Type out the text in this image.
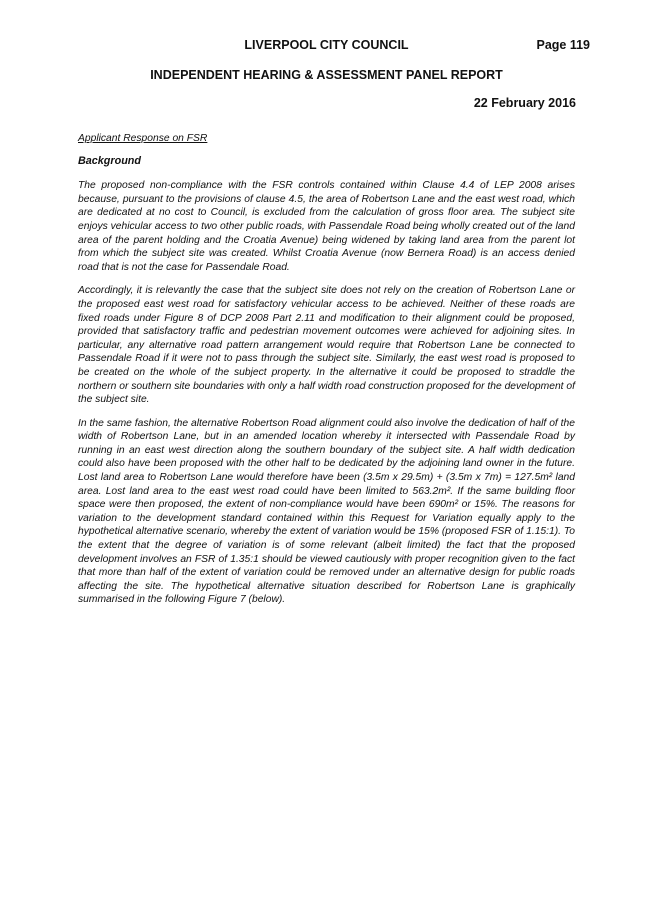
LIVERPOOL CITY COUNCIL	Page 119
INDEPENDENT HEARING & ASSESSMENT PANEL REPORT
22 February 2016

Applicant Response on FSR

Background

The proposed non-compliance with the FSR controls contained within Clause 4.4 of LEP 2008 arises because, pursuant to the provisions of clause 4.5, the area of Robertson Lane and the east west road, which are dedicated at no cost to Council, is excluded from the calculation of gross floor area. The subject site enjoys vehicular access to two other public roads, with Passendale Road being wholly created out of the land area of the parent holding and the Croatia Avenue) being widened by taking land area from the parent lot from which the subject site was created. Whilst Croatia Avenue (now Bernera Road) is an access denied road that is not the case for Passendale Road.

Accordingly, it is relevantly the case that the subject site does not rely on the creation of Robertson Lane or the proposed east west road for satisfactory vehicular access to be achieved. Neither of these roads are fixed roads under Figure 8 of DCP 2008 Part 2.11 and modification to their alignment could be proposed, provided that satisfactory traffic and pedestrian movement outcomes were achieved for adjoining sites. In particular, any alternative road pattern arrangement would require that Robertson Lane be connected to Passendale Road if it were not to pass through the subject site. Similarly, the east west road is proposed to be created on the whole of the subject property. In the alternative it could be proposed to straddle the northern or southern site boundaries with only a half width road construction proposed for the development of the subject site.

In the same fashion, the alternative Robertson Road alignment could also involve the dedication of half of the width of Robertson Lane, but in an amended location whereby it intersected with Passendale Road by running in an east west direction along the southern boundary of the subject site. A half width dedication could also have been proposed with the other half to be dedicated by the adjoining land owner in the future. Lost land area to Robertson Lane would therefore have been (3.5m x 29.5m) + (3.5m x 7m) = 127.5m² land area. Lost land area to the east west road could have been limited to 563.2m². If the same building floor space were then proposed, the extent of non-compliance would have been 690m² or 15%. The reasons for variation to the development standard contained within this Request for Variation equally apply to the hypothetical alternative scenario, whereby the extent of variation would be 15% (proposed FSR of 1.15:1). To the extent that the degree of variation is of some relevant (albeit limited) the fact that the proposed development involves an FSR of 1.35:1 should be viewed cautiously with proper recognition given to the fact that more than half of the extent of variation could be removed under an alternative design for public roads affecting the site. The hypothetical alternative situation described for Robertson Lane is graphically summarised in the following Figure 7 (below).
